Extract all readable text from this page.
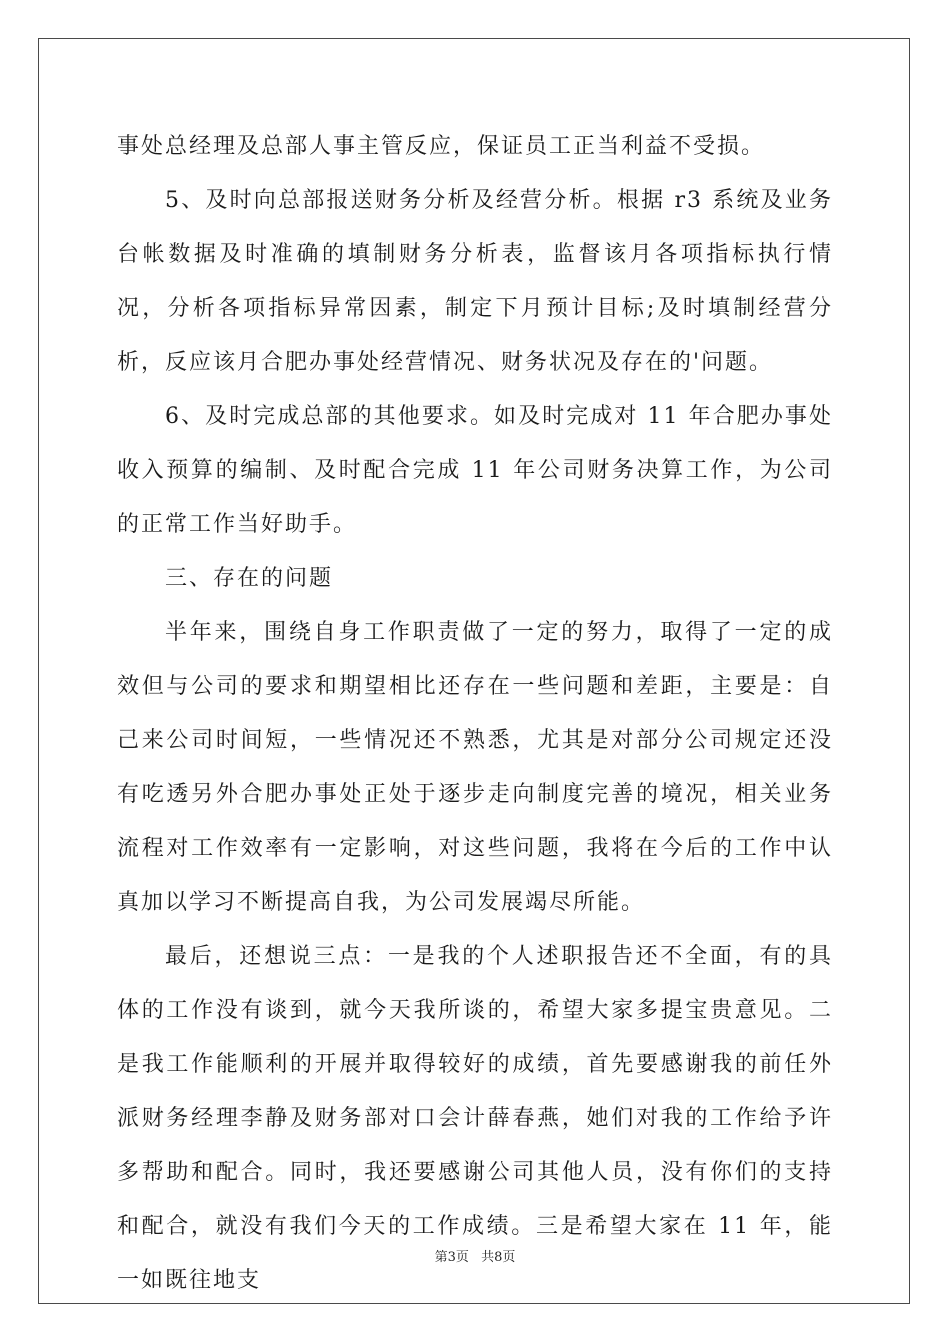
事处总经理及总部人事主管反应，保证员工正当利益不受损。

5、及时向总部报送财务分析及经营分析。根据 r3 系统及业务台帐数据及时准确的填制财务分析表，监督该月各项指标执行情况，分析各项指标异常因素，制定下月预计目标;及时填制经营分析，反应该月合肥办事处经营情况、财务状况及存在的'问题。

6、及时完成总部的其他要求。如及时完成对 11 年合肥办事处收入预算的编制、及时配合完成 11 年公司财务决算工作，为公司的正常工作当好助手。

三、存在的问题

半年来，围绕自身工作职责做了一定的努力，取得了一定的成效但与公司的要求和期望相比还存在一些问题和差距，主要是：自己来公司时间短，一些情况还不熟悉，尤其是对部分公司规定还没有吃透另外合肥办事处正处于逐步走向制度完善的境况，相关业务流程对工作效率有一定影响，对这些问题，我将在今后的工作中认真加以学习不断提高自我，为公司发展竭尽所能。

最后，还想说三点：一是我的个人述职报告还不全面，有的具体的工作没有谈到，就今天我所谈的，希望大家多提宝贵意见。二是我工作能顺利的开展并取得较好的成绩，首先要感谢我的前任外派财务经理李静及财务部对口会计薛春燕，她们对我的工作给予许多帮助和配合。同时，我还要感谢公司其他人员，没有你们的支持和配合，就没有我们今天的工作成绩。三是希望大家在 11 年，能一如既往地支

第3页 共8页
